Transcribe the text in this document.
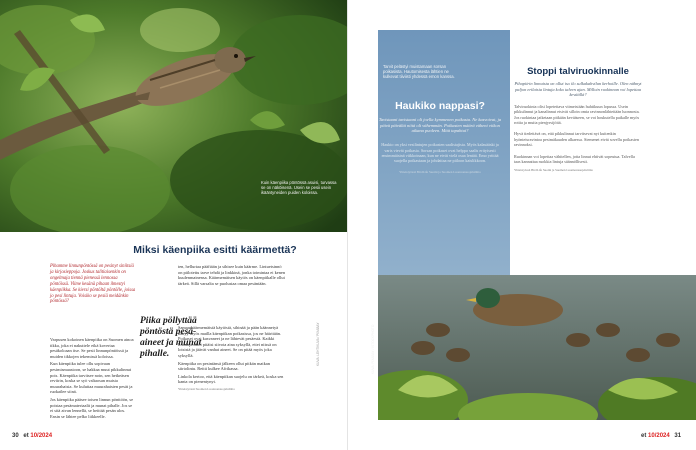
Kuin käenpiika pöntössä asuisi, turvassa se on näköisenä. Usein se pesii usein ikääntyneiden puiden koloissa.
Miksi käenpiika esitti käärmettä?

Pihamme linnunpöntössä on pesinyt siniitsiä ja kirjosieppoja. Joskus talitiaisenkin on ongelmaja tiennä pienessä lennossa pöntöissä. Viime kesänä pihaan ilmestyi käenpiikka. Se kiersi pöntöltä pöntölle, joissa jo pesi lintuja. Voisiko se pesiä meidänkin pöntössä?

Varpusen kokoinen käenpiika on Suomen ainoa tikka, joka ei nakuttele eikä kovertaa pesäkoloaan itse. Se pesii linnunpöntöissä ja muiden tikkojen tekemissä koloissa.

Kun käenpiika tulee ollu sopivaan pesimismaastoon, se hakkaa muut pikkulinnut pois. Käenpiika tarvitsee noin, sen hetkeäsen reviirin, koska se syö valtaosan muista muurahaisia. Se kuluttaa muurahaisten pesät ja ruokailee siinä.

Jos käenpiika pääsee toisen linnun pönttöön, se poistaa pesämateriaalit ja munat pihalle. Jos se ei sitä aivan lennellä, se heittää pesän ulos. Ensin se lähtee pelko liikkeelle.

Piika pöllyttää pöntöstä pesä-aineet ja munat pihalle.

ten, hellurtaa pääftään ja sihisee kuin käärme. Lintuetsinnö on piilotettu tarve tehdä ja linkkinä, jonka toimintaa ei kenen kuulenmainensa. Käärmemäisen käytös on käenpiikalle ollut tärkeä. Sillä varsalta se puolustaa omaa pesäntään.

Samaa käärmemäistä käytöstä, sihinää ja pään käännetyä näkyy myös mailla käenpiikan poikasissa, jos ne häiritään. Poikaset ovat kasvaneet ja ne lähtevät pesäestä. Kaikki linnunpönttöt pitäisi siivota aina syksyllä, ettei niissä on loisistä ja jäävät vanhat aineet. Se on pitää myös joka syksyllä.

Käenpiika on pesintänsä jälkeen ollut pitkän matkan siirtolintu. Reitti kulkee Afrikassa.

Linkola kertoo, että käenpiikan suojelu on tärkeä, koska sen kanta on pienentynyt.

Yhteistyössä Suomen Luonnonsuojeluliitto

KUVA: LEHTIKUVA / PIXABAY
30 et 10/2024
Tarvit pelästyi muistamaan sorsan poikasista. Hautomisesta lähtien ne kulkevat tiiviisti yhdessä emon kanssa.
Haukiko nappasi?

Tavistaani tavistaani oli joella kymmenen poikasta. Ne kasvoivat, ja päivä päivältä niitä oli vähemmän. Poikasten määrä väheni viikon aikana puoleen. Mitä tapahtui?

Haukio on yksi vesilintujen poikasten saalistajista. Myös kalasääski ja varis vievät poikasia. Sorsan poikaset ovat helppo saalis erityisesti ensimmäisinä viikkoinaan, kun ne eivät vielä osaa lentää. Emo yrittää suojella poikasiaan ja johdattaa ne piiloon kaislikkoon.

Yhteistyössä BirdLife Suomi ja Suomen Luonnonsuojeluliitto

Stoppi talviruokinnalle

Pihapiirin linnuista on ollut iso ilo sulkakahvilan kerhoille. Olen nähnyt paljon erilaisia lintuja koko talven ajan. Milloin ruokinnan voi lopettaa keväällä?

Talviruokinta olisi lopetettava viimeistään huhtikuun lopussa. Usein pikkulinnut ja kanalinnut etsivät silloin omia ravinnonlähteitään luonnosta. Jos ruokintaa jatketaan pitkään kevääseen, se voi houkutella paikalle myös rottia ja muita pienjyrsijöitä.

Hyvä tiedettävä on, että pikkulinnut tarvitsevat nyt kuitenkin hyönteisravintoa pesimäkauden alkaessa. Siemenet eivät sovellu poikasten ravinnoksi.

Ruokinnan voi lopettaa vähitellen, jotta linnut ehtivät sopeutua. Talvella taas kannattaa ruokkia lintuja säännöllisesti.

Yhteistyössä BirdLife Suomi ja Suomen Luonnonsuojeluliitto

KUVA: PIXABAY / ISTOCKPHOTO
et 10/2024 31
